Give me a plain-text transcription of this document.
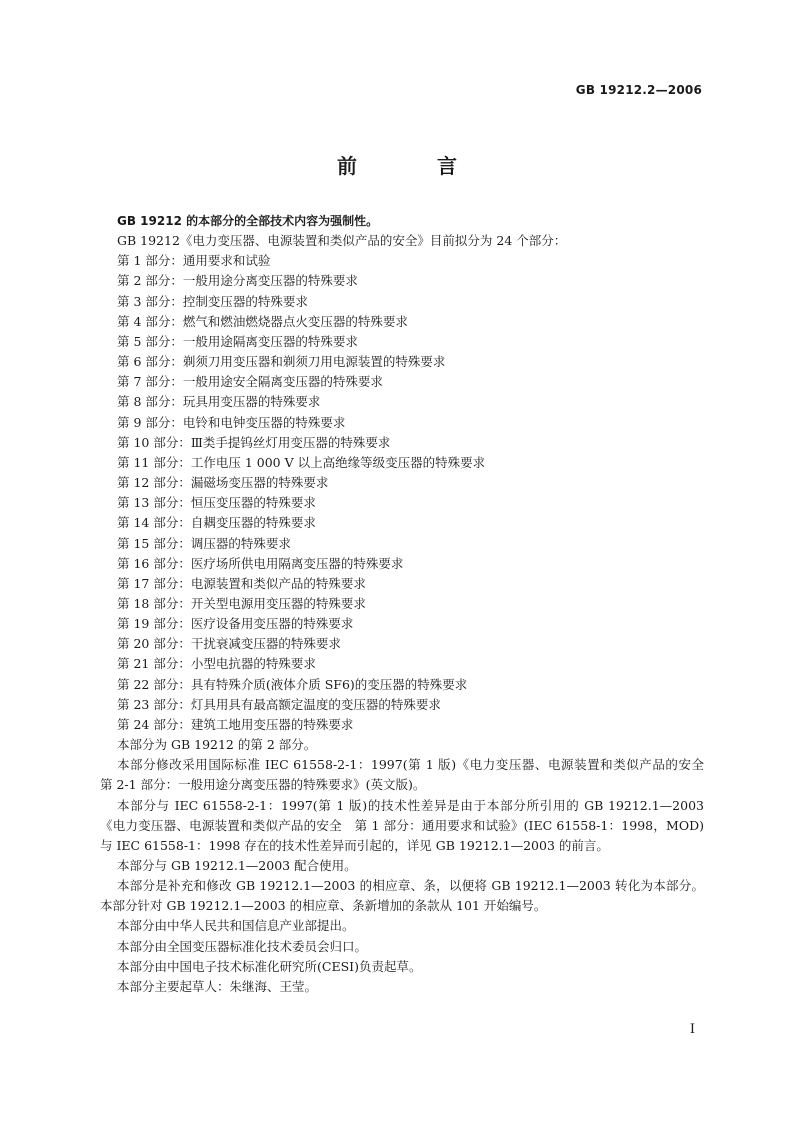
GB 19212.2—2006
前　言

GB 19212 的本部分的全部技术内容为强制性。

GB 19212《电力变压器、电源装置和类似产品的安全》目前拟分为 24 个部分：

第 1 部分：通用要求和试验

第 2 部分：一般用途分离变压器的特殊要求

第 3 部分：控制变压器的特殊要求

第 4 部分：燃气和燃油燃烧器点火变压器的特殊要求

第 5 部分：一般用途隔离变压器的特殊要求

第 6 部分：剃须刀用变压器和剃须刀用电源装置的特殊要求

第 7 部分：一般用途安全隔离变压器的特殊要求

第 8 部分：玩具用变压器的特殊要求

第 9 部分：电铃和电钟变压器的特殊要求

第 10 部分：Ⅲ类手提钨丝灯用变压器的特殊要求

第 11 部分：工作电压 1 000 V 以上高绝缘等级变压器的特殊要求

第 12 部分：漏磁场变压器的特殊要求

第 13 部分：恒压变压器的特殊要求

第 14 部分：自耦变压器的特殊要求

第 15 部分：调压器的特殊要求

第 16 部分：医疗场所供电用隔离变压器的特殊要求

第 17 部分：电源装置和类似产品的特殊要求

第 18 部分：开关型电源用变压器的特殊要求

第 19 部分：医疗设备用变压器的特殊要求

第 20 部分：干扰衰减变压器的特殊要求

第 21 部分：小型电抗器的特殊要求

第 22 部分：具有特殊介质(液体介质 SF6)的变压器的特殊要求

第 23 部分：灯具用具有最高额定温度的变压器的特殊要求

第 24 部分：建筑工地用变压器的特殊要求

本部分为 GB 19212 的第 2 部分。

本部分修改采用国际标准 IEC 61558-2-1：1997(第 1 版)《电力变压器、电源装置和类似产品的安全　第 2-1 部分：一般用途分离变压器的特殊要求》(英文版)。

本部分与 IEC 61558-2-1：1997(第 1 版)的技术性差异是由于本部分所引用的 GB 19212.1—2003《电力变压器、电源装置和类似产品的安全　第 1 部分：通用要求和试验》(IEC 61558-1：1998，MOD)与 IEC 61558-1：1998 存在的技术性差异而引起的，详见 GB 19212.1—2003 的前言。

本部分与 GB 19212.1—2003 配合使用。

本部分是补充和修改 GB 19212.1—2003 的相应章、条，以便将 GB 19212.1—2003 转化为本部分。本部分针对 GB 19212.1—2003 的相应章、条新增加的条款从 101 开始编号。

本部分由中华人民共和国信息产业部提出。

本部分由全国变压器标准化技术委员会归口。

本部分由中国电子技术标准化研究所(CESI)负责起草。

本部分主要起草人：朱继海、王莹。

I
